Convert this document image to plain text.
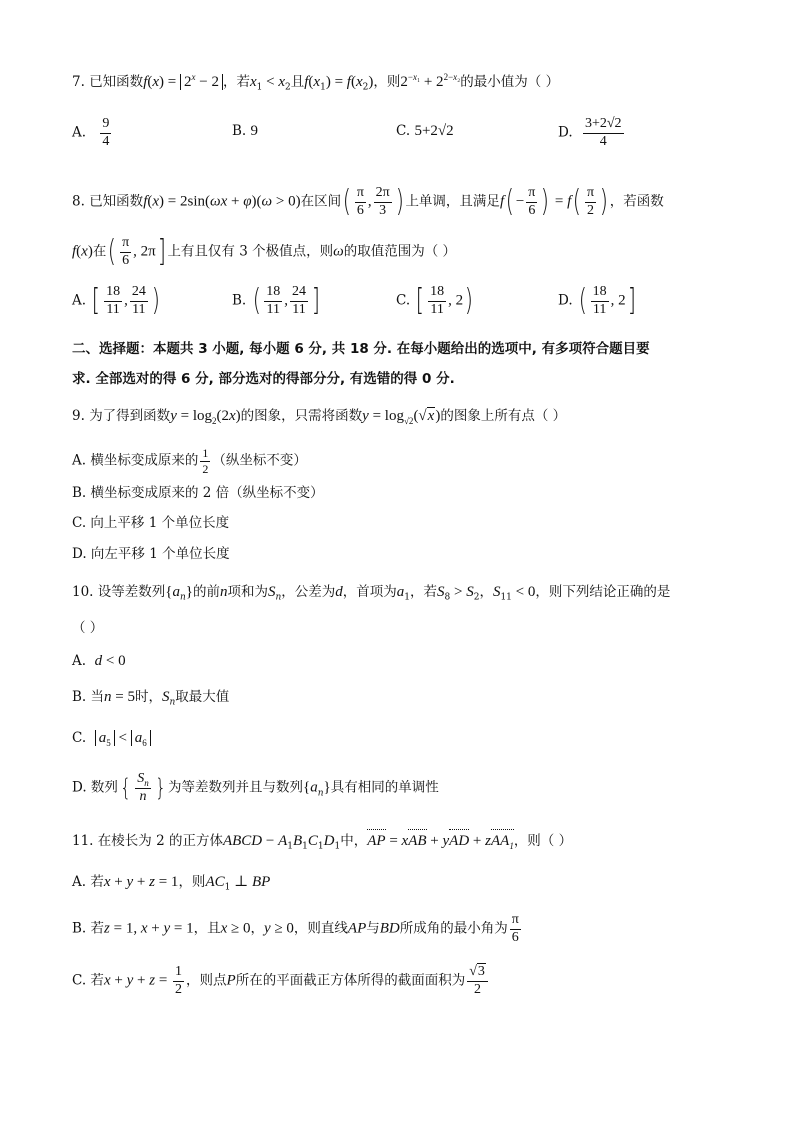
7. 已知函数$f(x) = 2^x - 2$ ，若$x_1 < x_2$且$f(x_1) = f(x_2)$，则$2^{-x_1} + 2^{2-x_2}$的最小值为（ ）
A. $\frac{9}{4}$	B. 9	C. 5+2√2	D. $\frac{3+2√2}{4}$
8. 已知函数f(x) = 2sin(ωx + φ)(ω > 0)在区间( $\frac{\pi}{6}$ , $\frac{2\pi}{3}$ ) 上单调，且满足$f( - \frac{\pi}{6}$ ) = $f( \frac{\pi}{2}$ ) ，若函数
f(x)在( $\frac{\pi}{6}$ , 2π] 上有且仅有 3 个极值点，则ω的取值范围为（ ）
A. [ $\frac{18}{11}$ , $\frac{24}{11}$ )	B. ( $\frac{18}{11}$ , $\frac{24}{11}$ ]	C. [ $\frac{18}{11}$ , 2)	D. ( $\frac{18}{11}$ , 2]
二、选择题：本题共 3 小题, 每小题 6 分, 共 18 分. 在每小题给出的选项中, 有多项符合题目要
求. 全部选对的得 6 分, 部分选对的得部分分, 有选错的得 0 分.
9. 为了得到函数$y = \log_2(2x)$的图象，只需将函数$y = \log_{√2}(√x)$的图象上所有点（ ）
A. 横坐标变成原来的 $\frac{1}{2}$ （纵坐标不变）
B. 横坐标变成原来的 2 倍（纵坐标不变）
C. 向上平移 1 个单位长度
D. 向左平移 1 个单位长度
10. 设等差数列$\{a_n\}$的前n项和为$S_n$，公差为d，首项为$a_1$，若$S_8 > S_2$，$S_{11} < 0$，则下列结论正确的是
（ ）
A. d < 0
B. 当n = 5时，$S_n$取最大值
C. $a_5 < a_6$
D. 数列{ $\frac{S_n}{n}$ } 为等差数列并且与数列$\{a_n\}$具有相同的单调性
11. 在棱长为 2 的正方体ABCD − $A_1B_1C_1D_1$中，AP = xAB + yAD + zAA$_1$，则（ ）
A. 若x + y + z = 1，则$AC_1$ ⊥ BP
B. 若z = 1, x + y = 1，且x ≥ 0，y ≥ 0，则直线AP与BD所成角的最小角为 $\frac{\pi}{6}$
C. 若$x + y + z = \frac{1}{2}$ ，则点P所在的平面截正方体所得的截面面积为 $\frac{√3}{2}$
